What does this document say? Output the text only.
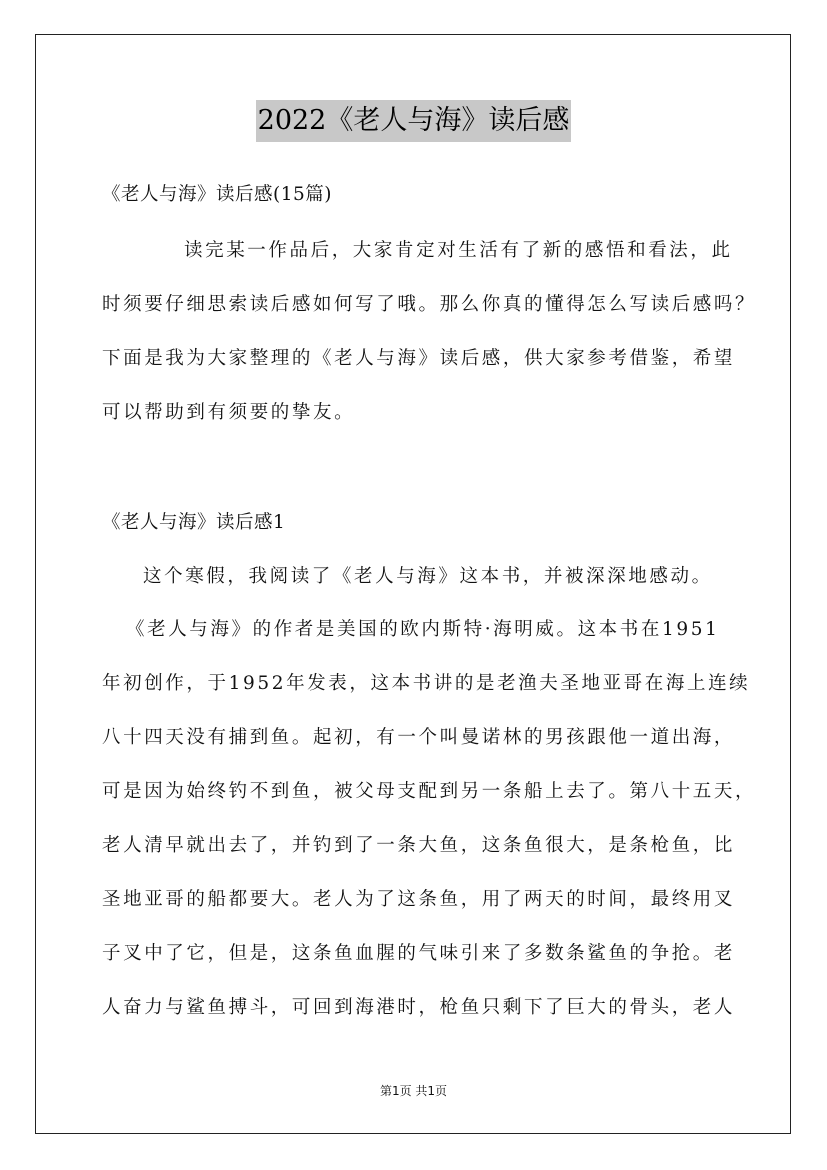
2022《老人与海》读后感
《老人与海》读后感(15篇)
读完某一作品后，大家肯定对生活有了新的感悟和看法，此
时须要仔细思索读后感如何写了哦。那么你真的懂得怎么写读后感吗？
下面是我为大家整理的《老人与海》读后感，供大家参考借鉴，希望
可以帮助到有须要的挚友。
《老人与海》读后感1
这个寒假，我阅读了《老人与海》这本书，并被深深地感动。
《老人与海》的作者是美国的欧内斯特·海明威。这本书在1951
年初创作，于1952年发表，这本书讲的是老渔夫圣地亚哥在海上连续
八十四天没有捕到鱼。起初，有一个叫曼诺林的男孩跟他一道出海，
可是因为始终钓不到鱼，被父母支配到另一条船上去了。第八十五天，
老人清早就出去了，并钓到了一条大鱼，这条鱼很大，是条枪鱼，比
圣地亚哥的船都要大。老人为了这条鱼，用了两天的时间，最终用叉
子叉中了它，但是，这条鱼血腥的气味引来了多数条鲨鱼的争抢。老
人奋力与鲨鱼搏斗，可回到海港时，枪鱼只剩下了巨大的骨头，老人
第1页 共1页
